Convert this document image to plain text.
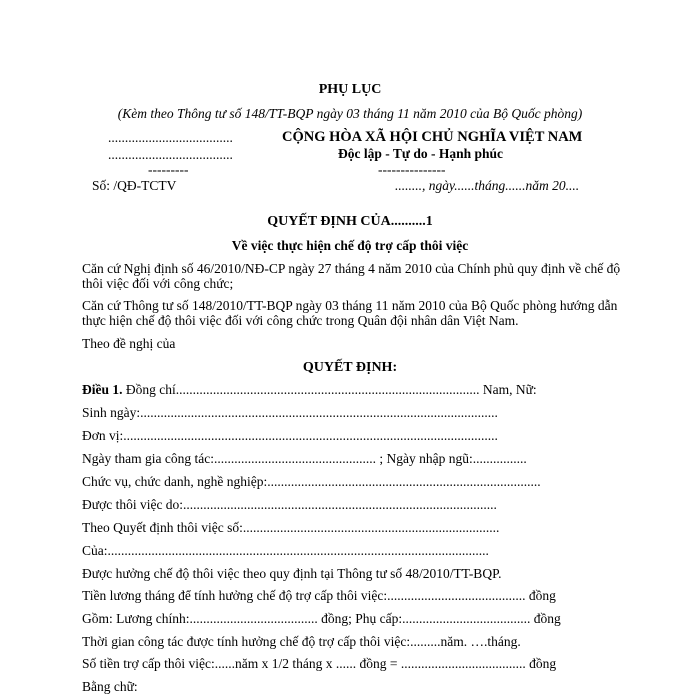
PHỤ LỤC
(Kèm theo Thông tư số 148/TT-BQP ngày 03 tháng 11 năm 2010 của Bộ Quốc phòng)
.....................................
.....................................
---------
Số: /QĐ-TCTV
CỘNG HÒA XÃ HỘI CHỦ NGHĨA VIỆT NAM
Độc lập - Tự do - Hạnh phúc
---------------
........, ngày......tháng......năm 20....
QUYẾT ĐỊNH CỦA..........1
Về việc thực hiện chế độ trợ cấp thôi việc
Căn cứ Nghị định số 46/2010/NĐ-CP ngày 27 tháng 4 năm 2010 của Chính phủ quy định về chế độ thôi việc đối với công chức;
Căn cứ Thông tư số 148/2010/TT-BQP ngày 03 tháng 11 năm 2010 của Bộ Quốc phòng hướng dẫn thực hiện chế độ thôi việc đối với công chức trong Quân đội nhân dân Việt Nam.
Theo đề nghị của
QUYẾT ĐỊNH:
Điều 1. Đồng chí.......................................................................................... Nam, Nữ:
Sinh ngày:..........................................................................................................
Đơn vị:...............................................................................................................
Ngày tham gia công tác:................................................ ; Ngày nhập ngũ:................
Chức vụ, chức danh, nghề nghiệp:.................................................................................
Được thôi việc do:.............................................................................................
Theo Quyết định thôi việc số:............................................................................
Của:.................................................................................................................
Được hưởng chế độ thôi việc theo quy định tại Thông tư số 48/2010/TT-BQP.
Tiền lương tháng để tính hưởng chế độ trợ cấp thôi việc:......................................... đồng
Gồm: Lương chính:...................................... đồng; Phụ cấp:...................................... đồng
Thời gian công tác được tính hưởng chế độ trợ cấp thôi việc:.........năm. ….tháng.
Số tiền trợ cấp thôi việc:......năm x 1/2 tháng x ...... đồng = ..................................... đồng
Bằng chữ:
